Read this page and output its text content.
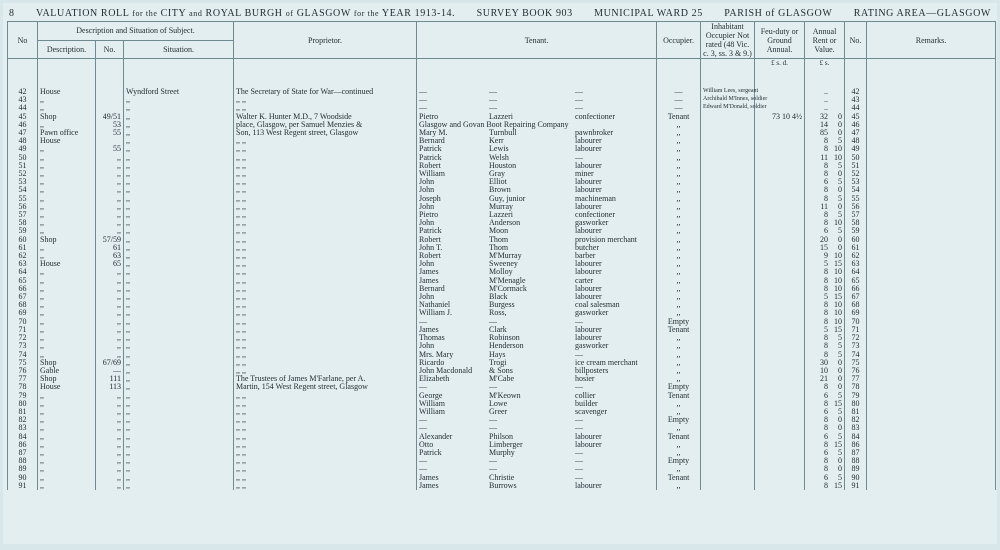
8 VALUATION ROLL for the CITY and ROYAL BURGH of GLASGOW for the YEAR 1913-14. SURVEY BOOK 903 MUNICIPAL WARD 25 PARISH of GLASGOW RATING AREA—GLASGOW
No	Description and Situation of Subject.			Proprietor.	Tenant.	Occupier.	Inhabitant Occupier Not rated (48 Vic. c. 3, ss. 3 & 9.)	Feu-duty or Ground Annual.	Annual Rent or Value.	No.	Remarks.
	Description.	No.	Situation.								
								£ s. d.	£ s.		

42	House		Wyndford Street	The Secretary of State for War—continued	— — —	—	William Lees, sergeant		..	42	
43	,,		,,	,, ,,	— — —	—	Archibald M'Innes, soldier		..	43	
44	,,		,,	,, ,,	— — —	—	Edward M'Donald, soldier		..	44	
45	Shop	49/51	,,	Walter K. Hunter M.D., 7 Woodside	Pietro Lazzeri confectioner	Tenant		73 10 4½	32 0	45	
46	,,	53	,,	place, Glasgow, per Samuel Menzies &	Glasgow and Govan Boot Repairing Company	,,			14 0	46	
47	Pawn office	55	,,	Son, 113 West Regent street, Glasgow	Mary M. Turnbull pawnbroker	,,			85 0	47	
48	House		,,	,, ,,	Bernard Kerr labourer	,,			8 5	48	
49	,,	55	,,	,, ,,	Patrick Lewis labourer	,,			8 10	49	
50	,,	,,	,,	,, ,,	Patrick Welsh —	,,			11 10	50	
51	,,	,,	,,	,, ,,	Robert Houston labourer	,,			8 5	51	
52	,,	,,	,,	,, ,,	William Gray miner	,,			8 0	52	
53	,,	,,	,,	,, ,,	John Elliot labourer	,,			6 5	53	
54	,,	,,	,,	,, ,,	John Brown labourer	,,			8 0	54	
55	,,	,,	,,	,, ,,	Joseph Guy, junior machineman	,,			8 5	55	
56	,,	,,	,,	,, ,,	John Murray labourer	,,			11 0	56	
57	,,	,,	,,	,, ,,	Pietro Lazzeri confectioner	,,			8 5	57	
58	,,	,,	,,	,, ,,	John Anderson gasworker	,,			8 10	58	
59	,,	,,	,,	,, ,,	Patrick Moon labourer	,,			6 5	59	
60	Shop	57/59	,,	,, ,,	Robert Thom provision merchant	,,			20 0	60	
61	,,	61	,,	,, ,,	John T. Thom butcher	,,			15 0	61	
62	,,	63	,,	,, ,,	Robert M'Murray barber	,,			9 10	62	
63	House	65	,,	,, ,,	John Sweeney labourer	,,			5 15	63	
64	,,	,,	,,	,, ,,	James Molloy labourer	,,			8 10	64	
65	,,	,,	,,	,, ,,	James M'Menagle carter	,,			8 10	65	
66	,,	,,	,,	,, ,,	Bernard M'Cormack labourer	,,			8 10	66	
67	,,	,,	,,	,, ,,	John Black labourer	,,			5 15	67	
68	,,	,,	,,	,, ,,	Nathaniel Burgess coal salesman	,,			8 10	68	
69	,,	,,	,,	,, ,,	William J. Ross, gasworker	,,			8 10	69	
70	,,	,,	,,	,, ,,	— — —	Empty			8 10	70	
71	,,	,,	,,	,, ,,	James Clark labourer	Tenant			5 15	71	
72	,,	,,	,,	,, ,,	Thomas Robinson labourer	,,			8 5	72	
73	,,	,,	,,	,, ,,	John Henderson gasworker	,,			8 5	73	
74	,,	,,	,,	,, ,,	Mrs. Mary Hays —	,,			8 5	74	
75	Shop	67/69	,,	,, ,,	Ricardo Trogi ice cream merchant	,,			30 0	75	
76	Gable	—	,,	,, ,,	John Macdonald & Sons billposters	,,			10 0	76	
77	Shop	111	,,	The Trustees of James M'Farlane, per A.	Elizabeth M'Cabe hosier	,,			21 0	77	
78	House	113	,,	Martin, 154 West Regent street, Glasgow	— — —	Empty			8 0	78	
79	,,	,,	,,	,, ,,	George M'Keown collier	Tenant			6 5	79	
80	,,	,,	,,	,, ,,	William Lowe builder	,,			8 15	80	
81	,,	,,	,,	,, ,,	William Greer scavenger	,,			6 5	81	
82	,,	,,	,,	,, ,,	— — —	Empty			8 0	82	
83	,,	,,	,,	,, ,,	— — —	,,			8 0	83	
84	,,	,,	,,	,, ,,	Alexander Philson labourer	Tenant			6 5	84	
86	,,	,,	,,	,, ,,	Otto Limberger labourer	,,			8 15	86	
87	,,	,,	,,	,, ,,	Patrick Murphy —	,,			6 5	87	
88	,,	,,	,,	,, ,,	— — —	Empty			8 0	88	
89	,,	,,	,,	,, ,,	— — —	,,			8 0	89	
90	,,	,,	,,	,, ,,	James Christie —	Tenant			6 5	90	
91	,,	,,	,,	,, ,,	James Burrows labourer	,,			8 15	91	
